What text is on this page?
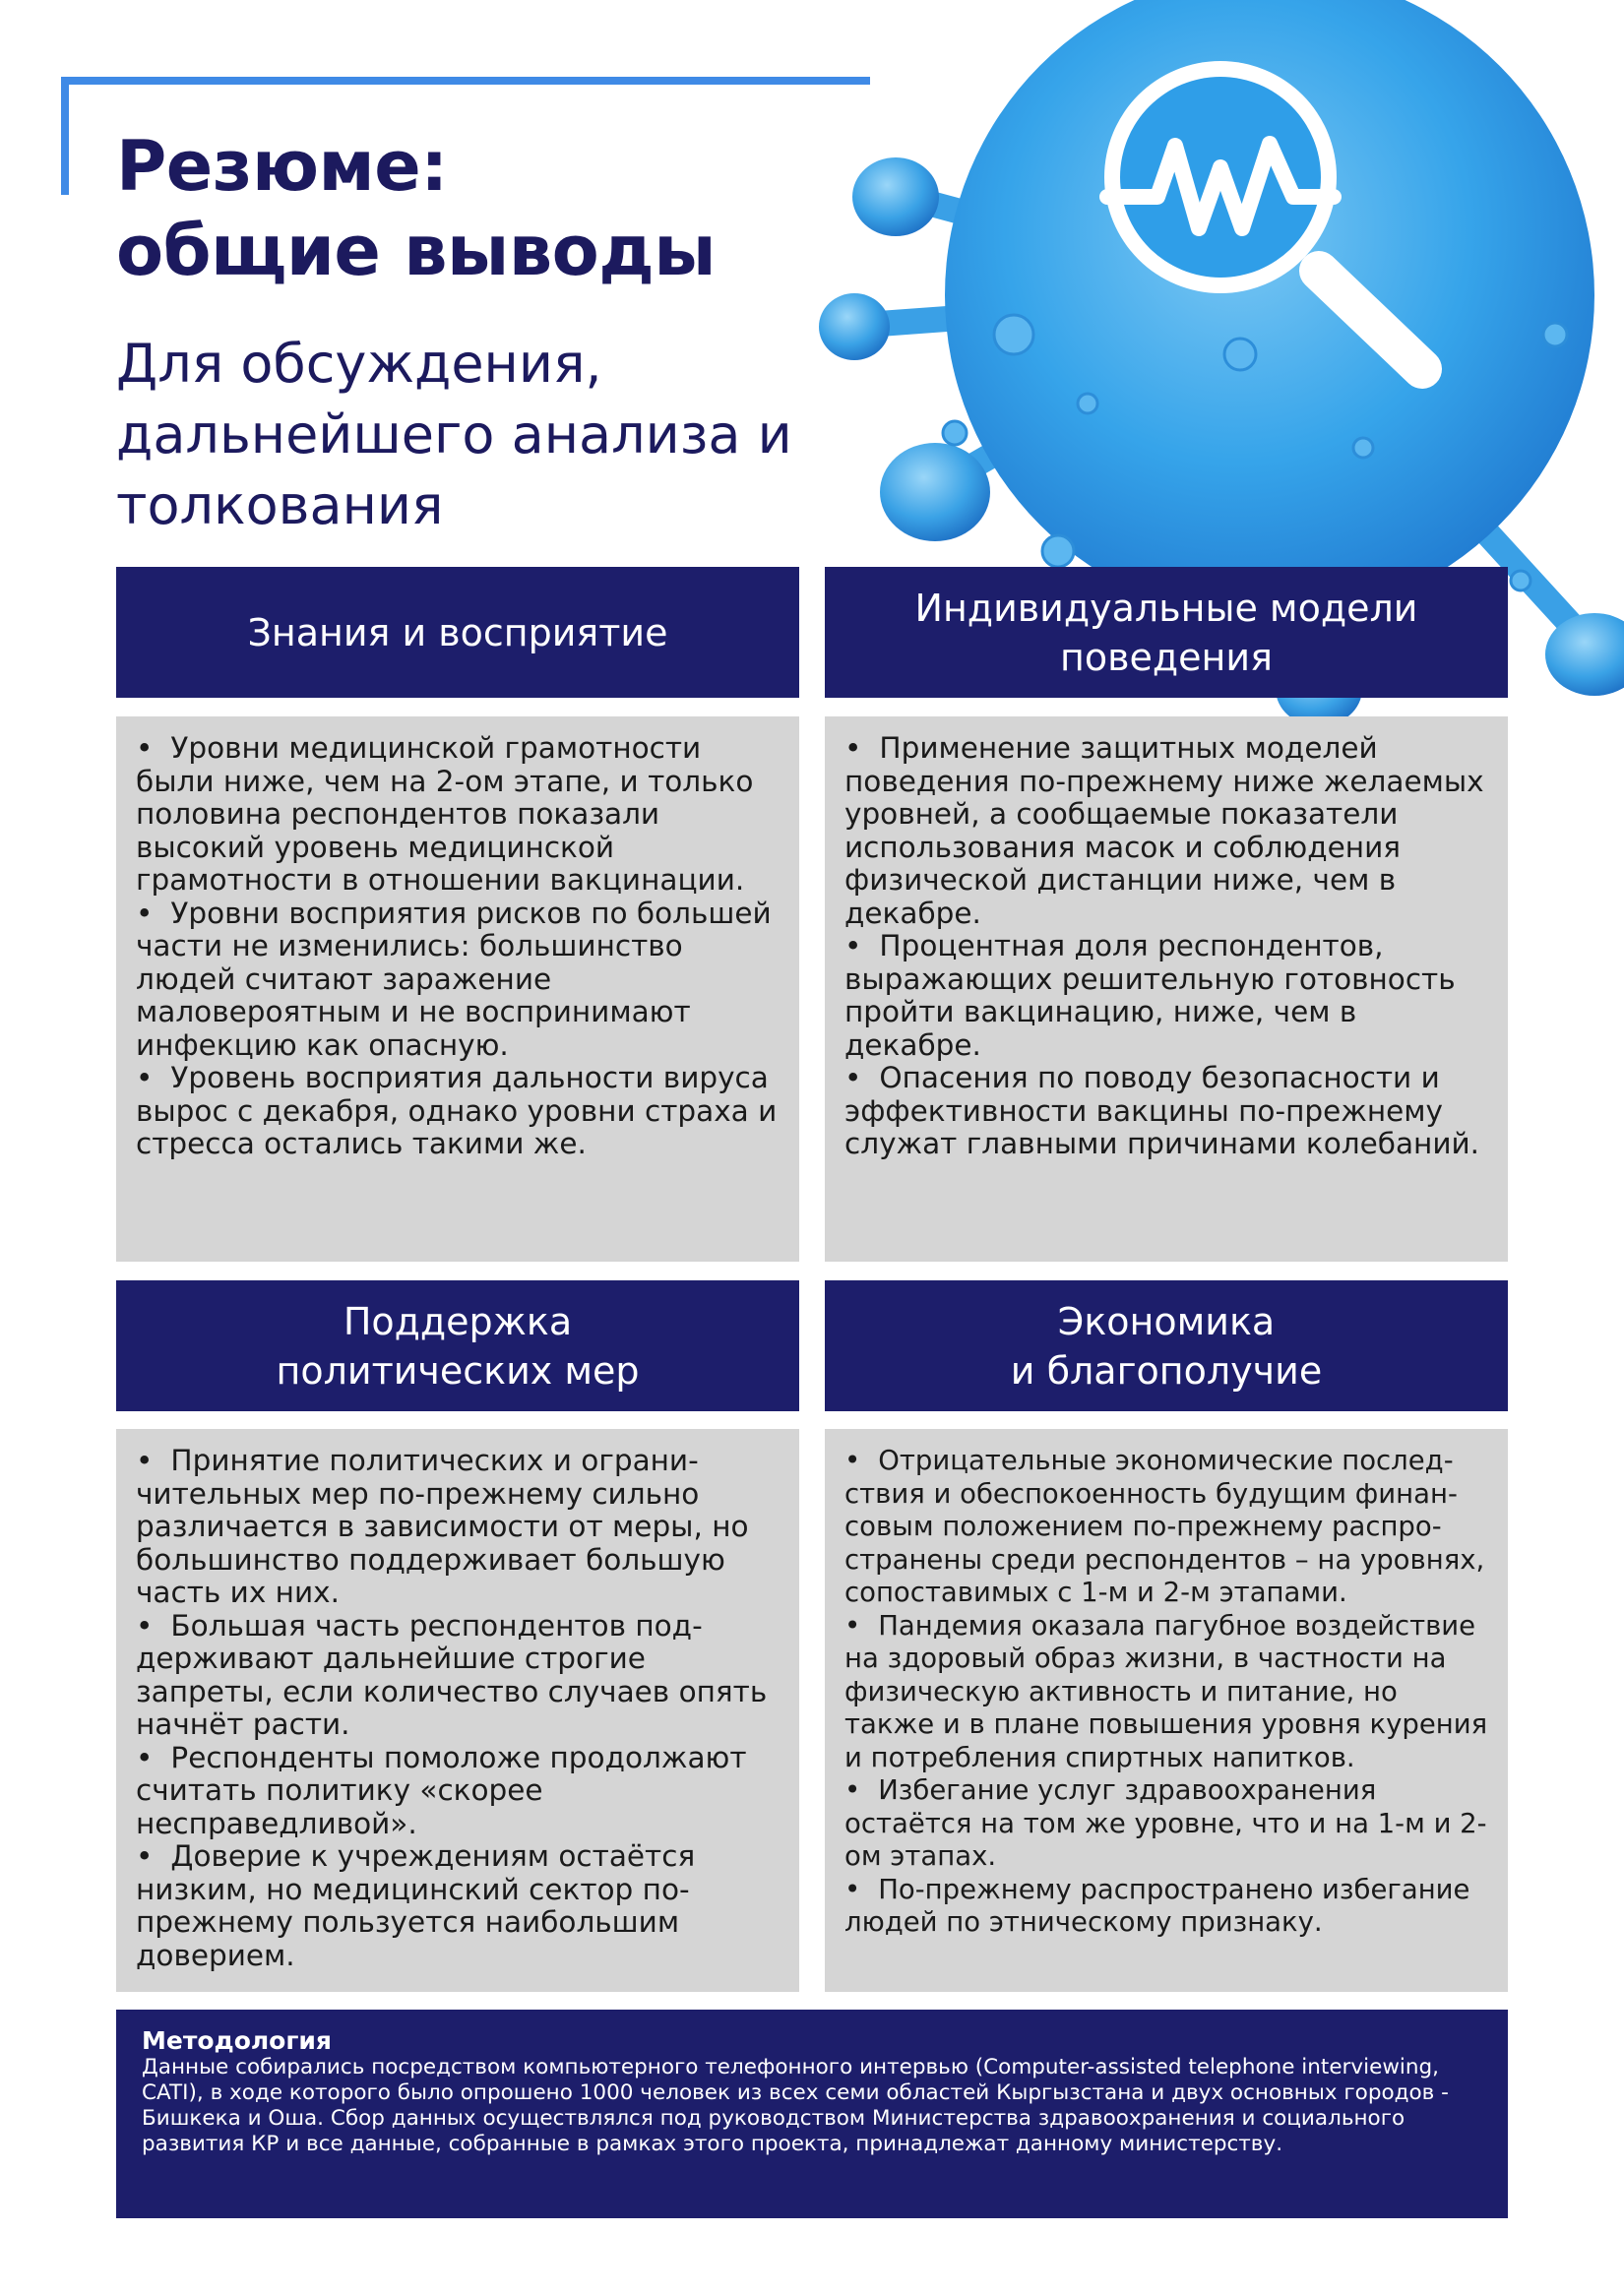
Резюме:
общие выводы
Для обсуждения,
дальнейшего анализа и
толкования
Знания и восприятие
• Уровни медицинской грамотности были ниже, чем на 2-ом этапе, и только половина респондентов показали высокий уровень медицинской грамотности в отношении вакцинации.
• Уровни восприятия рисков по большей части не изменились: большинство людей считают заражение маловероятным и не воспринимают инфекцию как опасную.
• Уровень восприятия дальности вируса вырос с декабря, однако уровни страха и стресса остались такими же.
Индивидуальные модели
поведения
• Применение защитных моделей поведения по-прежнему ниже желаемых уровней, а сообщаемые показатели использования масок и соблюдения физической дистанции ниже, чем в декабре.
• Процентная доля респондентов, выражающих решительную готовность пройти вакцинацию, ниже, чем в декабре.
• Опасения по поводу безопасности и эффективности вакцины по-прежнему служат главными причинами колебаний.
Поддержка
политических мер
• Принятие политических и ограничительных мер по-прежнему сильно различается в зависимости от меры, но большинство поддерживает большую часть их них.
• Большая часть респондентов поддерживают дальнейшие строгие запреты, если количество случаев опять начнёт расти.
• Респонденты помоложе продолжают считать политику «скорее несправедливой».
• Доверие к учреждениям остаётся низким, но медицинский сектор по-прежнему пользуется наибольшим доверием.
Экономика
и благополучие
• Отрицательные экономические последствия и обеспокоенность будущим финансовым положением по-прежнему распространены среди респондентов – на уровнях, сопоставимых с 1-м и 2-м этапами.
• Пандемия оказала пагубное воздействие на здоровый образ жизни, в частности на физическую активность и питание, но также и в плане повышения уровня курения и потребления спиртных напитков.
• Избегание услуг здравоохранения остаётся на том же уровне, что и на 1-м и 2-ом этапах.
• По-прежнему распространено избегание людей по этническому признаку.

Методология

Данные собирались посредством компьютерного телефонного интервью (Computer-assisted telephone interviewing, CATI), в ходе которого было опрошено 1000 человек из всех семи областей Кыргызстана и двух основных городов - Бишкека и Оша. Сбор данных осуществлялся под руководством Министерства здравоохранения и социального развития КР и все данные, собранные в рамках этого проекта, принадлежат данному министерству.
